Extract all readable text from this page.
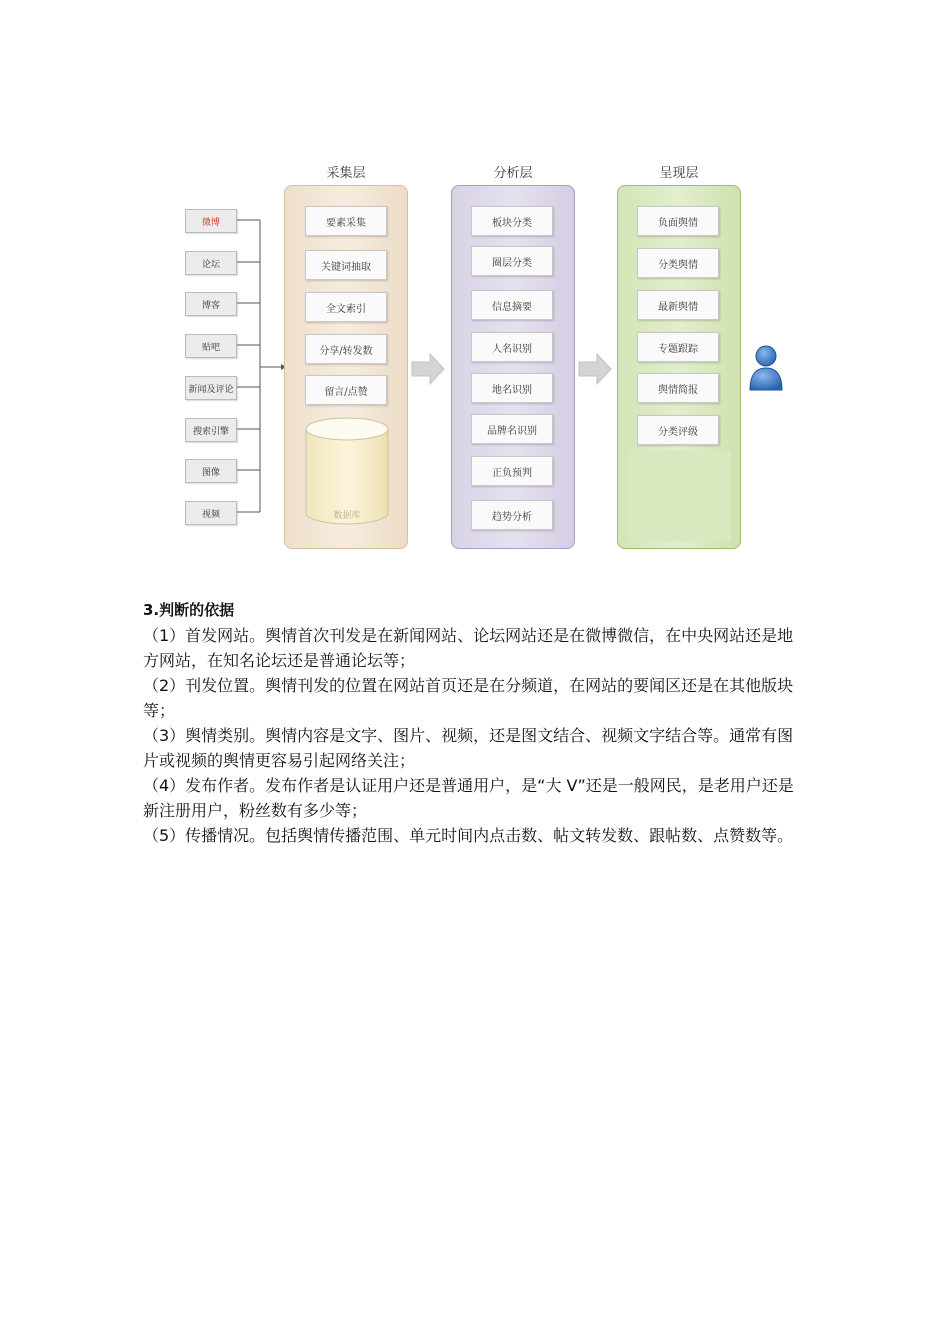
采集层	分析层	呈现层
微博
论坛
博客
贴吧
新闻及评论
搜索引擎
图像
视频
要素采集
关键词抽取
全文索引
分享/转发数
留言/点赞
数据库
板块分类
圈层分类
信息摘要
人名识别
地名识别
品牌名识别
正负预判
趋势分析
负面舆情
分类舆情
最新舆情
专题跟踪
舆情简报
分类评级
3.判断的依据

（1）首发网站。舆情首次刊发是在新闻网站、论坛网站还是在微博微信，在中央网站还是地方网站，在知名论坛还是普通论坛等；

（2）刊发位置。舆情刊发的位置在网站首页还是在分频道，在网站的要闻区还是在其他版块等；

（3）舆情类别。舆情内容是文字、图片、视频，还是图文结合、视频文字结合等。通常有图片或视频的舆情更容易引起网络关注；

（4）发布作者。发布作者是认证用户还是普通用户，是“大 V”还是一般网民，是老用户还是新注册用户，粉丝数有多少等；

（5）传播情况。包括舆情传播范围、单元时间内点击数、帖文转发数、跟帖数、点赞数等。
